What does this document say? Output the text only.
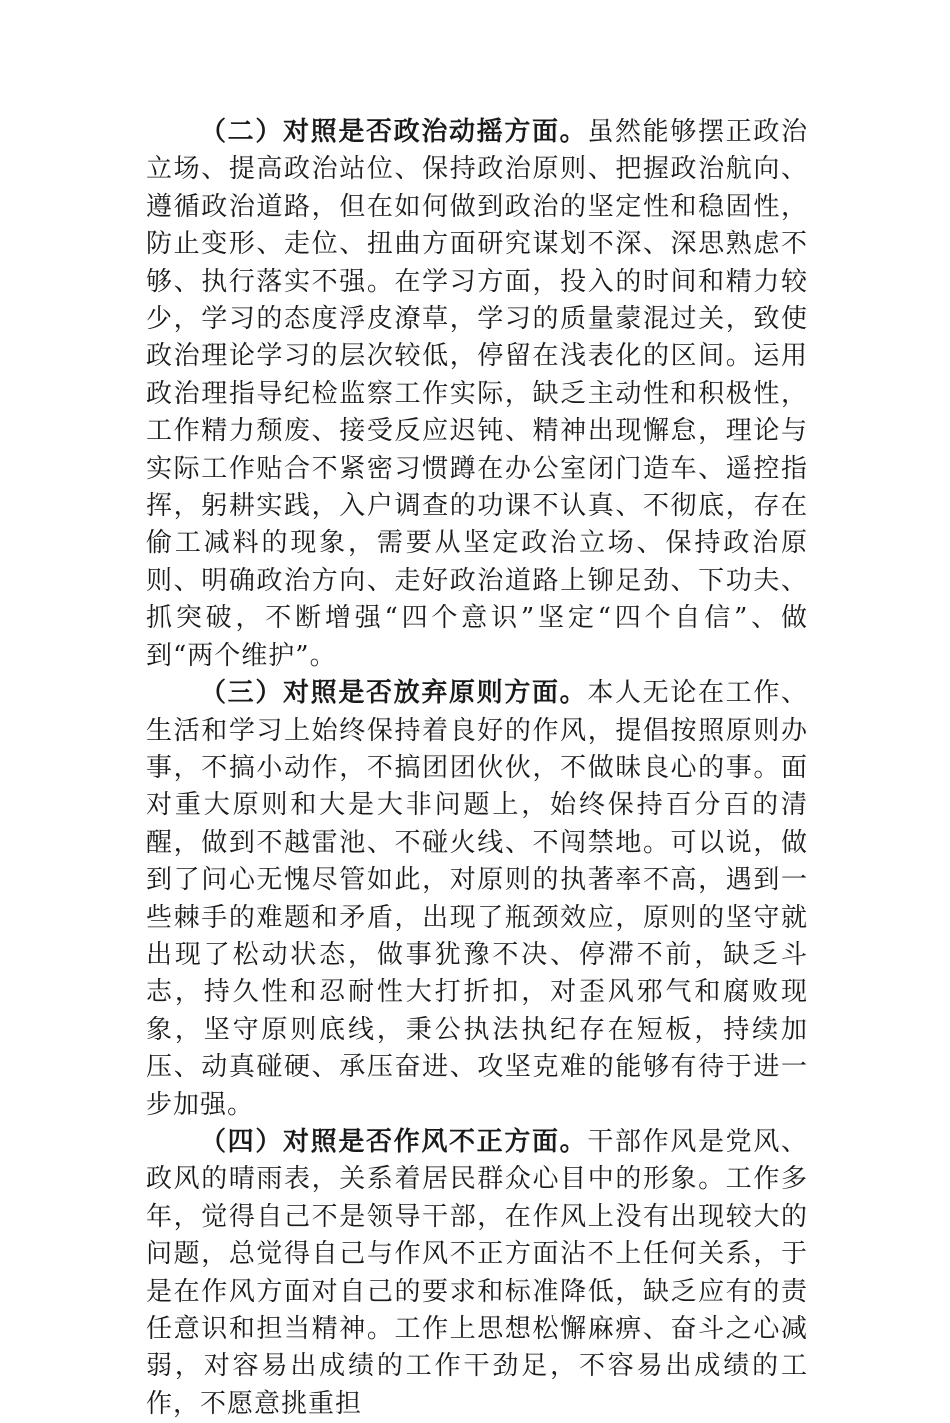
（二）对照是否政治动摇方面。虽然能够摆正政治立场、提高政治站位、保持政治原则、把握政治航向、遵循政治道路，但在如何做到政治的坚定性和稳固性，防止变形、走位、扭曲方面研究谋划不深、深思熟虑不够、执行落实不强。在学习方面，投入的时间和精力较少，学习的态度浮皮潦草，学习的质量蒙混过关，致使政治理论学习的层次较低，停留在浅表化的区间。运用政治理指导纪检监察工作实际，缺乏主动性和积极性，工作精力颓废、接受反应迟钝、精神出现懈怠，理论与实际工作贴合不紧密习惯蹲在办公室闭门造车、遥控指挥，躬耕实践，入户调查的功课不认真、不彻底，存在偷工减料的现象，需要从坚定政治立场、保持政治原则、明确政治方向、走好政治道路上铆足劲、下功夫、抓突破，不断增强“四个意识”坚定“四个自信”、做到“两个维护”。

（三）对照是否放弃原则方面。本人无论在工作、生活和学习上始终保持着良好的作风，提倡按照原则办事，不搞小动作，不搞团团伙伙，不做昧良心的事。面对重大原则和大是大非问题上，始终保持百分百的清醒，做到不越雷池、不碰火线、不闯禁地。可以说，做到了问心无愧尽管如此，对原则的执著率不高，遇到一些棘手的难题和矛盾，出现了瓶颈效应，原则的坚守就出现了松动状态，做事犹豫不决、停滞不前，缺乏斗志，持久性和忍耐性大打折扣，对歪风邪气和腐败现象，坚守原则底线，秉公执法执纪存在短板，持续加压、动真碰硬、承压奋进、攻坚克难的能够有待于进一步加强。

（四）对照是否作风不正方面。干部作风是党风、政风的晴雨表，关系着居民群众心目中的形象。工作多年，觉得自己不是领导干部，在作风上没有出现较大的问题，总觉得自己与作风不正方面沾不上任何关系，于是在作风方面对自己的要求和标准降低，缺乏应有的责任意识和担当精神。工作上思想松懈麻痹、奋斗之心减弱，对容易出成绩的工作干劲足，不容易出成绩的工作，不愿意挑重担
